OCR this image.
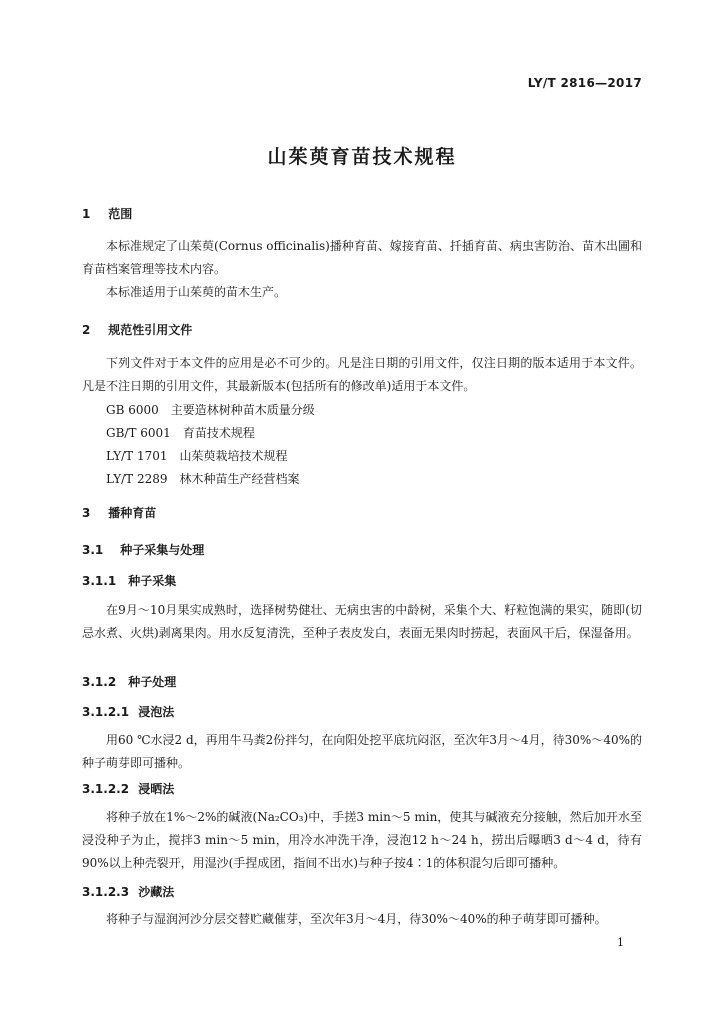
LY/T 2816—2017
山茱萸育苗技术规程
1 范围
本标准规定了山茱萸(Cornus officinalis)播种育苗、嫁接育苗、扦插育苗、病虫害防治、苗木出圃和育苗档案管理等技术内容。
本标准适用于山茱萸的苗木生产。
2 规范性引用文件
下列文件对于本文件的应用是必不可少的。凡是注日期的引用文件，仅注日期的版本适用于本文件。凡是不注日期的引用文件，其最新版本(包括所有的修改单)适用于本文件。
GB 6000 主要造林树种苗木质量分级
GB/T 6001 育苗技术规程
LY/T 1701 山茱萸栽培技术规程
LY/T 2289 林木种苗生产经营档案
3 播种育苗
3.1 种子采集与处理
3.1.1 种子采集
在9月～10月果实成熟时，选择树势健壮、无病虫害的中龄树，采集个大、籽粒饱满的果实，随即(切忌水煮、火烘)剥离果肉。用水反复清洗，至种子表皮发白，表面无果肉时捞起，表面风干后，保湿备用。
3.1.2 种子处理
3.1.2.1 浸泡法
用60 ℃水浸2 d，再用牛马粪2份拌匀，在向阳处挖平底坑闷沤，至次年3月～4月，待30%～40%的种子萌芽即可播种。
3.1.2.2 浸晒法
将种子放在1%～2%的碱液(Na₂CO₃)中，手搓3 min～5 min，使其与碱液充分接触，然后加开水至浸没种子为止，搅拌3 min～5 min，用冷水冲洗干净，浸泡12 h～24 h，捞出后曝晒3 d～4 d，待有90%以上种壳裂开，用湿沙(手捏成团，指间不出水)与种子按4∶1的体积混匀后即可播种。
3.1.2.3 沙藏法
将种子与湿润河沙分层交替贮藏催芽，至次年3月～4月，待30%～40%的种子萌芽即可播种。
1
